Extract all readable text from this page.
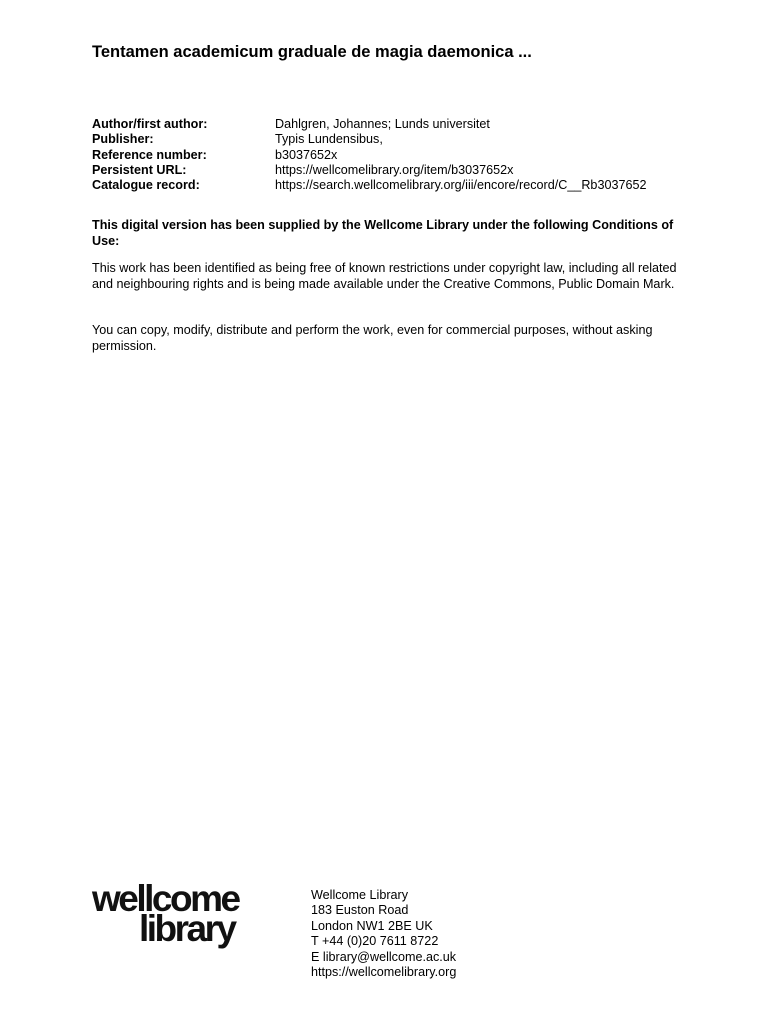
Tentamen academicum graduale de magia daemonica ...
Author/first author:	Dahlgren, Johannes; Lunds universitet
Publisher:	Typis Lundensibus,
Reference number:	b3037652x
Persistent URL:	https://wellcomelibrary.org/item/b3037652x
Catalogue record:	https://search.wellcomelibrary.org/iii/encore/record/C__Rb3037652
This digital version has been supplied by the Wellcome Library under the following Conditions of Use:
This work has been identified as being free of known restrictions under copyright law, including all related and neighbouring rights and is being made available under the Creative Commons, Public Domain Mark.
You can copy, modify, distribute and perform the work, even for commercial purposes, without asking permission.
wellcome
library
Wellcome Library
183 Euston Road
London NW1 2BE UK
T +44 (0)20 7611 8722
E library@wellcome.ac.uk
https://wellcomelibrary.org
